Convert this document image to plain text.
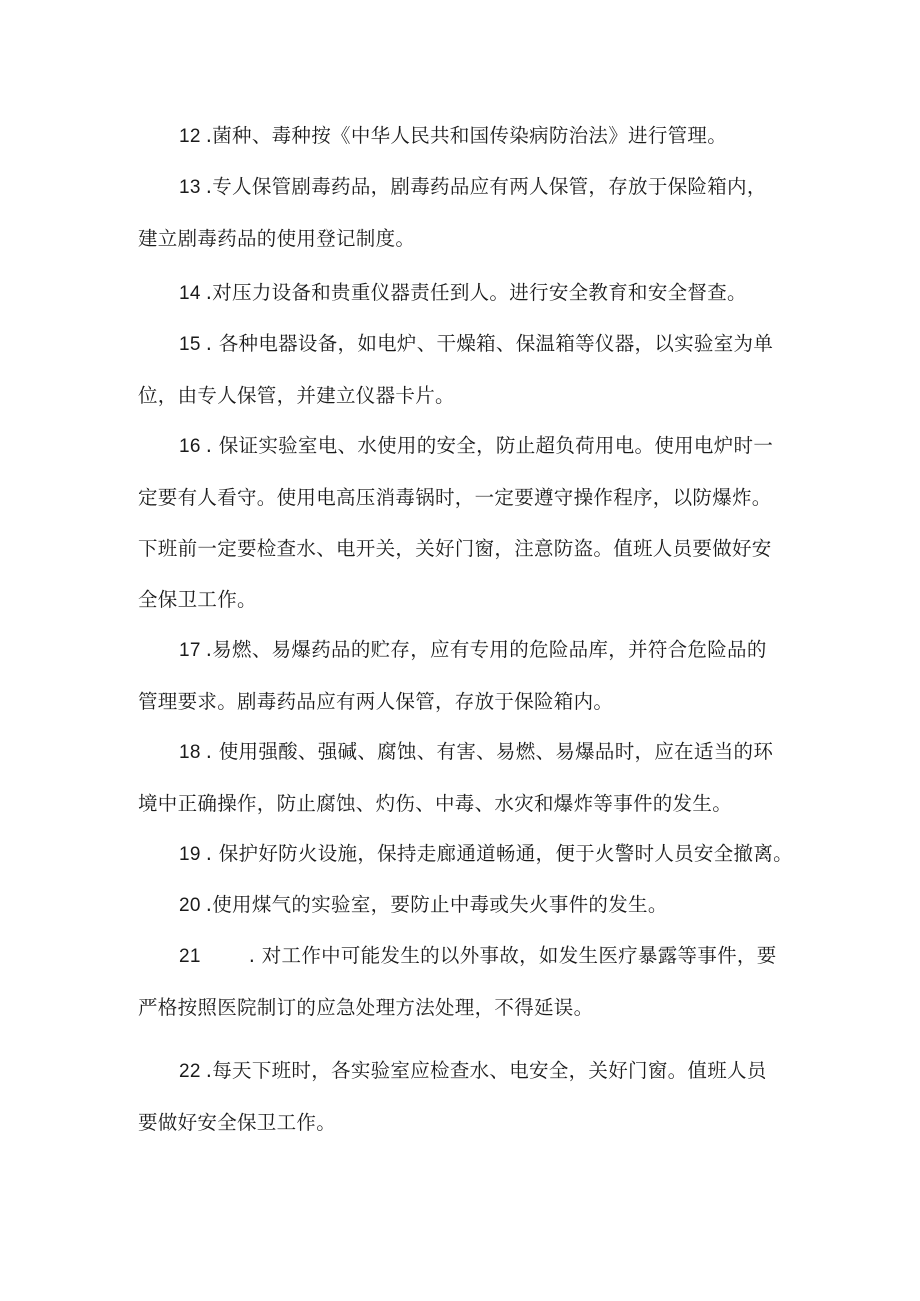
12 .菌种、毒种按《中华人民共和国传染病防治法》进行管理。
13 .专人保管剧毒药品，剧毒药品应有两人保管，存放于保险箱内，
建立剧毒药品的使用登记制度。
14 .对压力设备和贵重仪器责任到人。进行安全教育和安全督查。
15 . 各种电器设备，如电炉、干燥箱、保温箱等仪器，以实验室为单
位，由专人保管，并建立仪器卡片。
16 . 保证实验室电、水使用的安全，防止超负荷用电。使用电炉时一
定要有人看守。使用电高压消毒锅时，一定要遵守操作程序，以防爆炸。
下班前一定要检查水、电开关，关好门窗，注意防盗。值班人员要做好安
全保卫工作。
17 .易燃、易爆药品的贮存，应有专用的危险品库，并符合危险品的
管理要求。剧毒药品应有两人保管，存放于保险箱内。
18 . 使用强酸、强碱、腐蚀、有害、易燃、易爆品时，应在适当的环
境中正确操作，防止腐蚀、灼伤、中毒、水灾和爆炸等事件的发生。
19 . 保护好防火设施，保持走廊通道畅通，便于火警时人员安全撤离。
20 .使用煤气的实验室，要防止中毒或失火事件的发生。
21 . 对工作中可能发生的以外事故，如发生医疗暴露等事件，要
严格按照医院制订的应急处理方法处理，不得延误。
22 .每天下班时，各实验室应检查水、电安全，关好门窗。值班人员
要做好安全保卫工作。
